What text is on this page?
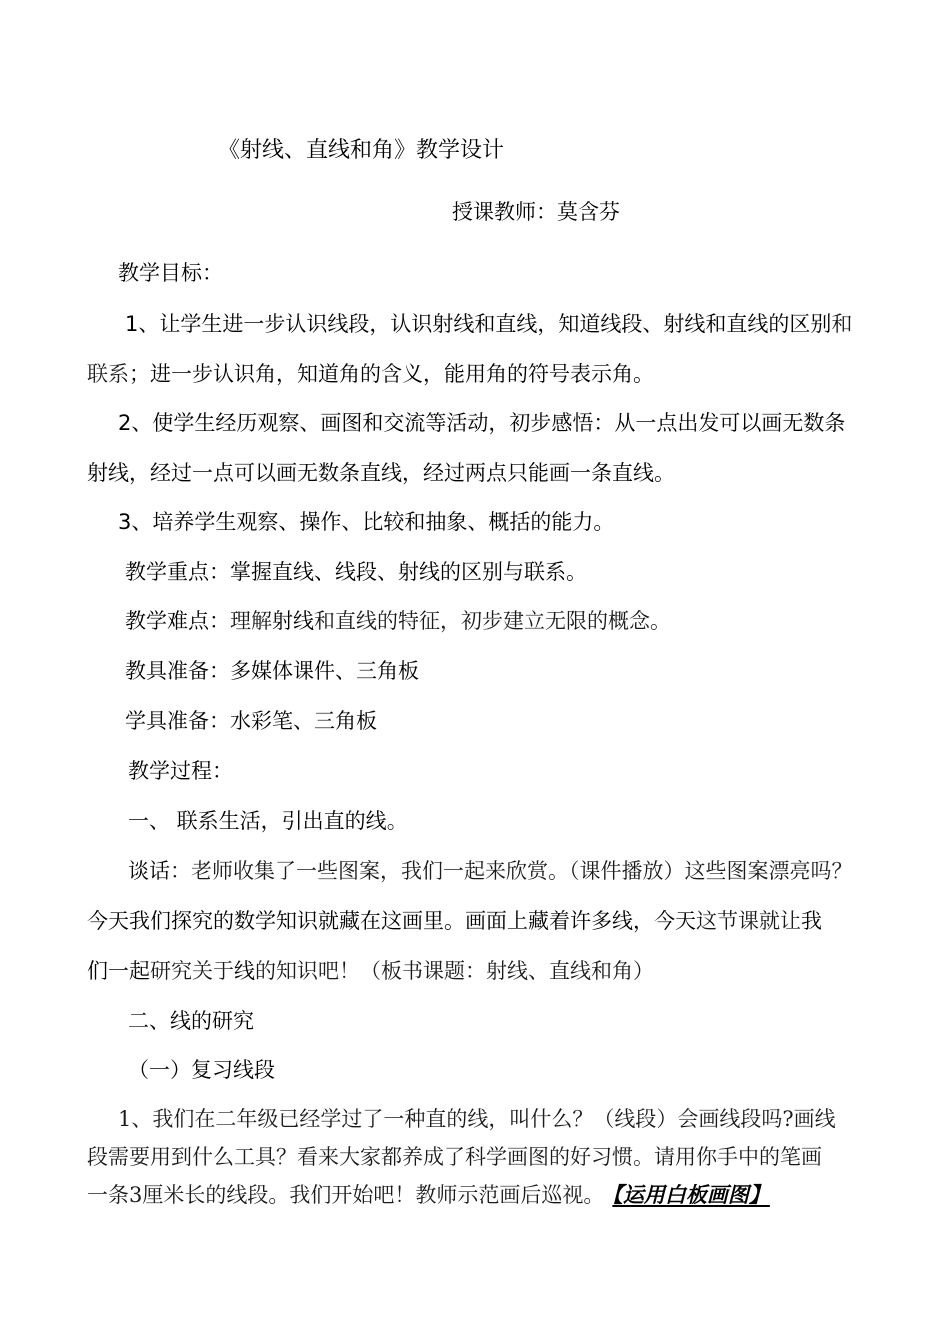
《射线、直线和角》教学设计
授课教师：莫含芬
教学目标：
1、让学生进一步认识线段，认识射线和直线，知道线段、射线和直线的区别和
联系；进一步认识角，知道角的含义，能用角的符号表示角。
2、使学生经历观察、画图和交流等活动，初步感悟：从一点出发可以画无数条
射线，经过一点可以画无数条直线，经过两点只能画一条直线。
3、培养学生观察、操作、比较和抽象、概括的能力。
教学重点：掌握直线、线段、射线的区别与联系。
教学难点：理解射线和直线的特征，初步建立无限的概念。
教具准备：多媒体课件、三角板
学具准备：水彩笔、三角板
教学过程：
一、 联系生活，引出直的线。
谈话：老师收集了一些图案，我们一起来欣赏。（课件播放）这些图案漂亮吗？
今天我们探究的数学知识就藏在这画里。画面上藏着许多线，今天这节课就让我
们一起研究关于线的知识吧！（板书课题：射线、直线和角）
二、线的研究
（一）复习线段
1、我们在二年级已经学过了一种直的线，叫什么？（线段）会画线段吗?画线
段需要用到什么工具？看来大家都养成了科学画图的好习惯。请用你手中的笔画
一条3厘米长的线段。我们开始吧！教师示范画后巡视。 【运用白板画图】
